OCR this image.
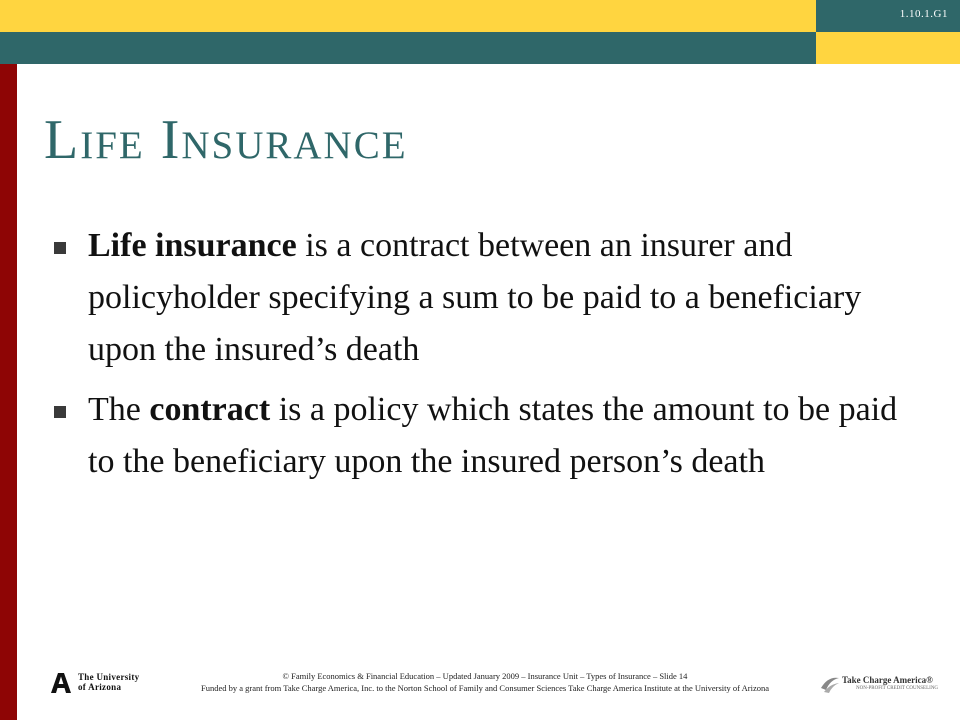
1.10.1.G1
Life Insurance
Life insurance is a contract between an insurer and policyholder specifying a sum to be paid to a beneficiary upon the insured’s death
The contract is a policy which states the amount to be paid to the beneficiary upon the insured person’s death
The University
of Arizona
© Family Economics & Financial Education – Updated January 2009 – Insurance Unit – Types of Insurance – Slide 14
Funded by a grant from Take Charge America, Inc. to the Norton School of Family and Consumer Sciences Take Charge America Institute at the University of Arizona
Take Charge America®
NON-PROFIT CREDIT COUNSELING
